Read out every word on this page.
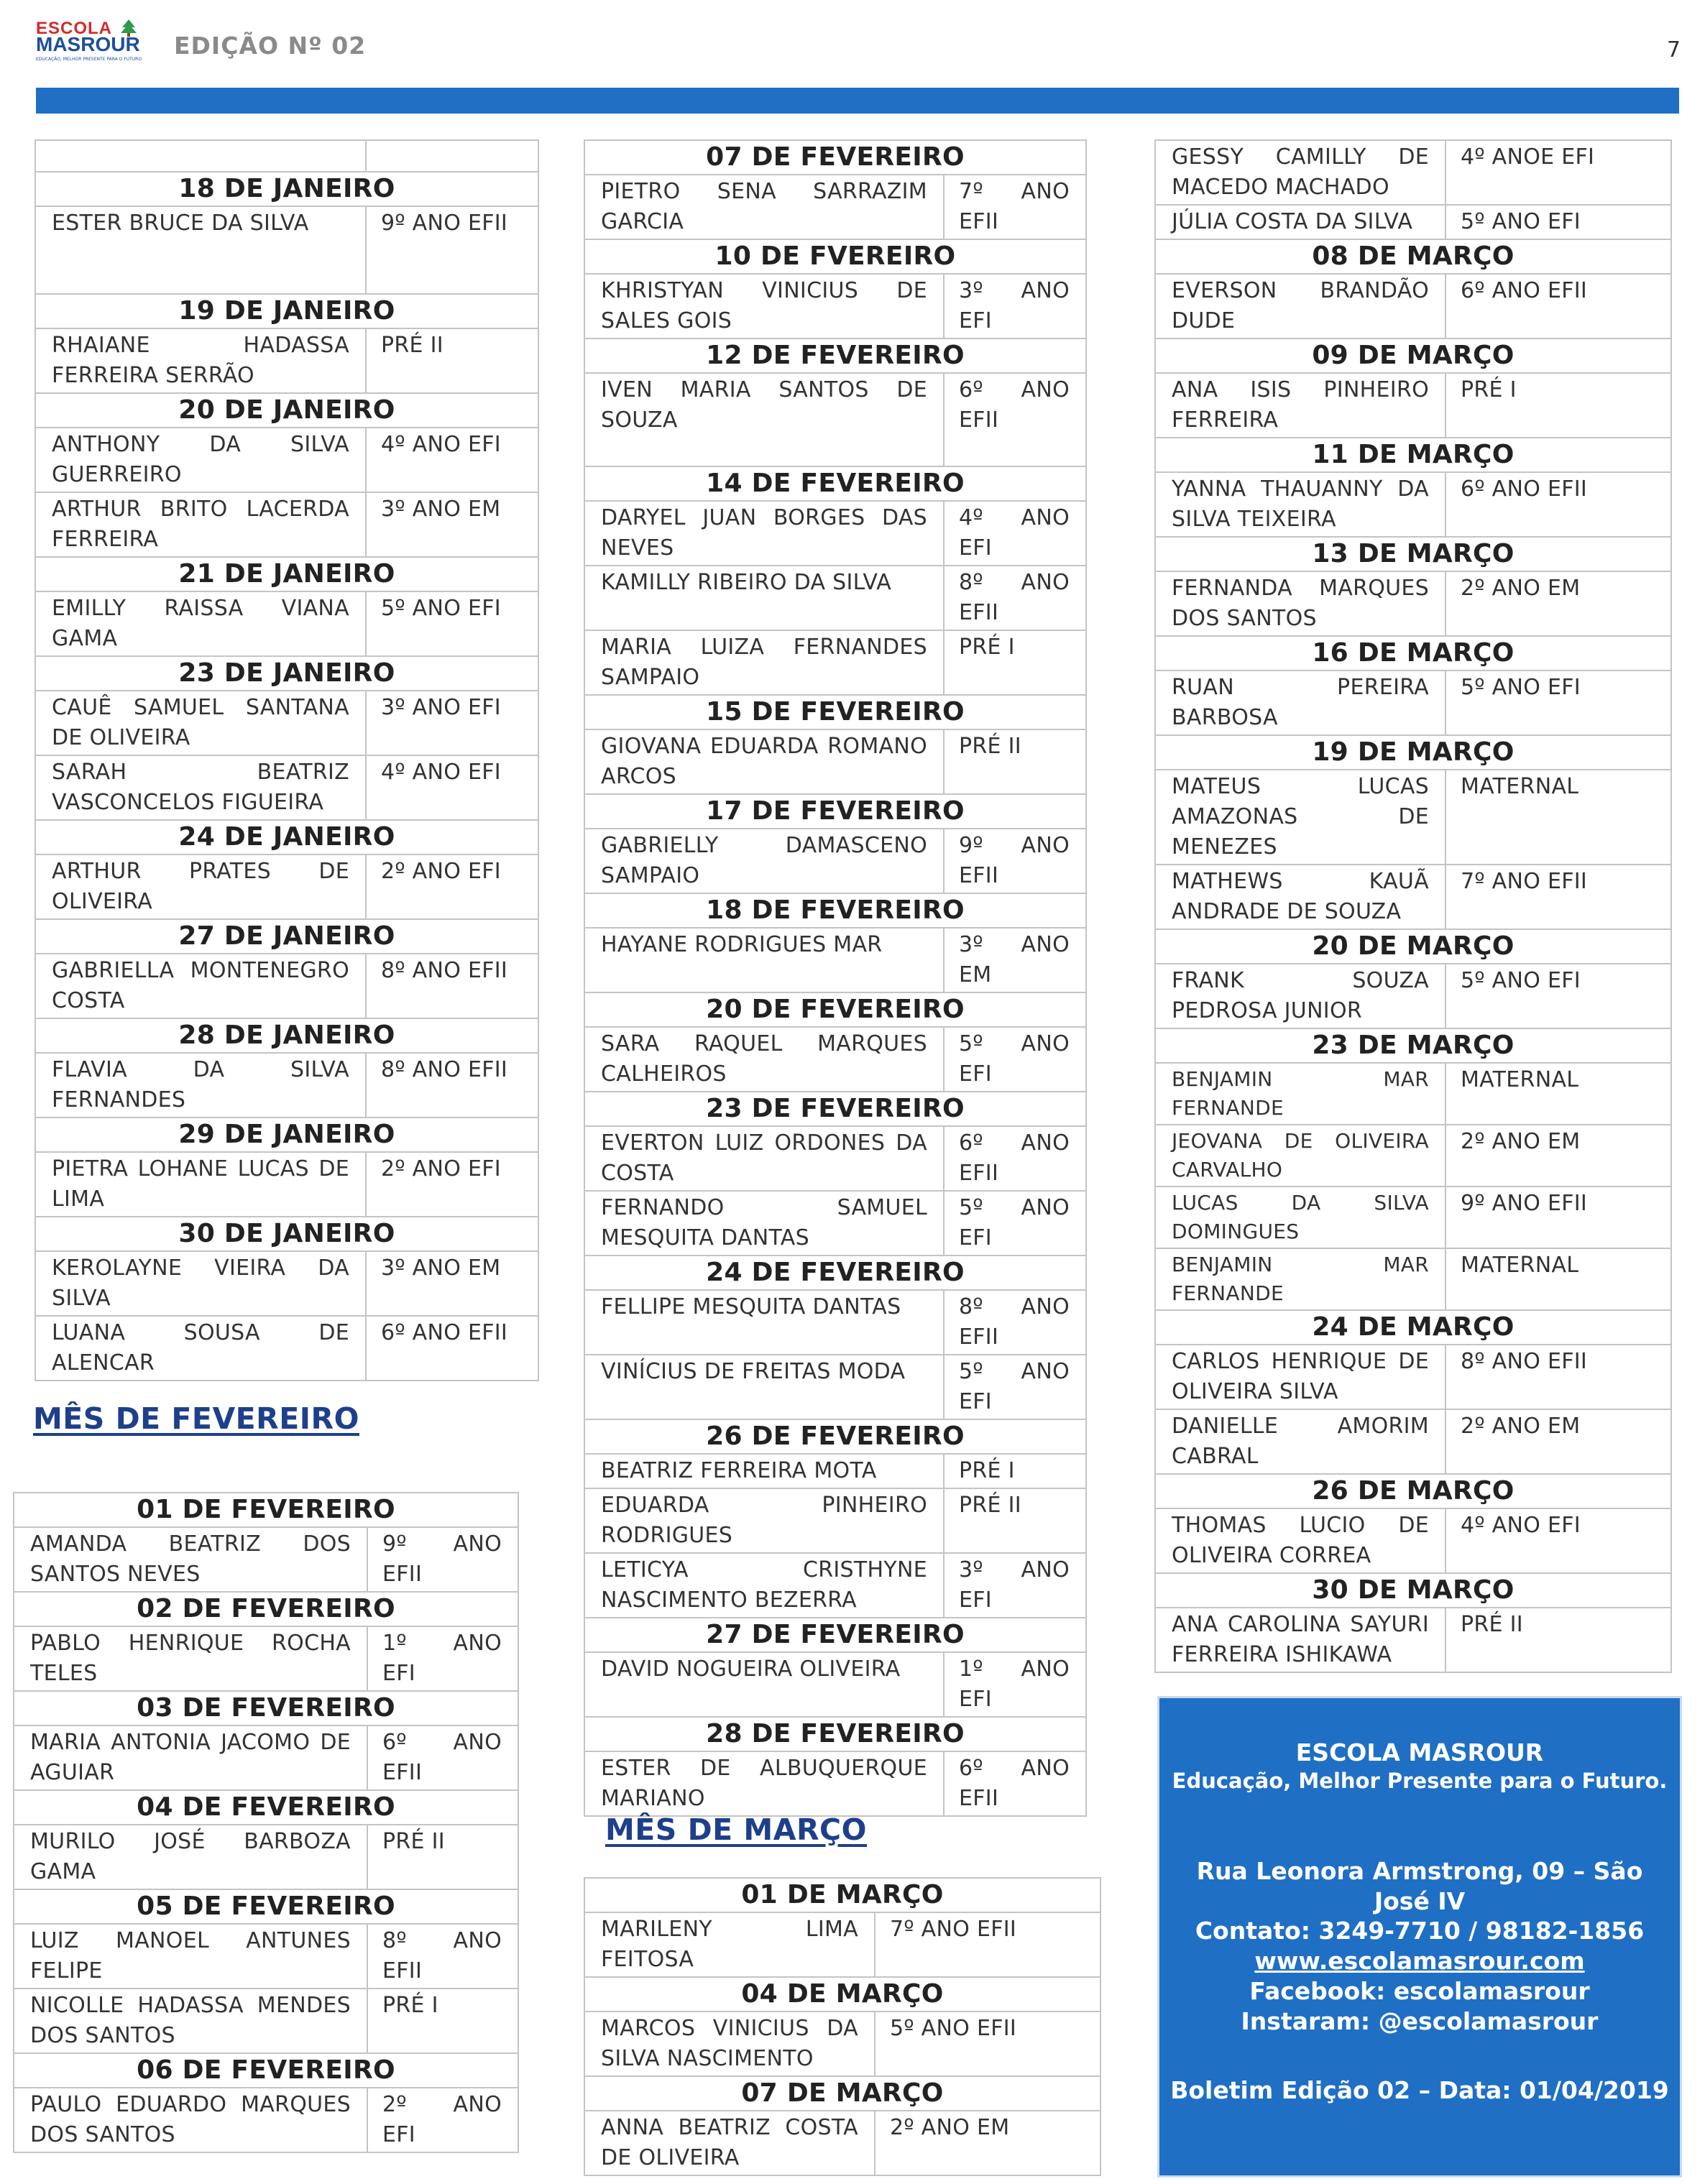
ESCOLA
MASROUR
EDUCAÇÃO, MELHOR PRESENTE PARA O FUTURO EDIÇÃO Nº 02	7

18 DE JANEIRO	
ESTER BRUCE DA SILVA	9º ANO EFII
19 DE JANEIRO	
RHAIANE HADASSA FERREIRA SERRÃO	PRÉ II
20 DE JANEIRO	
ANTHONY DA SILVA GUERREIRO	4º ANO EFI
ARTHUR BRITO LACERDA FERREIRA	3º ANO EM
21 DE JANEIRO	
EMILLY RAISSA VIANA GAMA	5º ANO EFI
23 DE JANEIRO	
CAUÊ SAMUEL SANTANA DE OLIVEIRA	3º ANO EFI
SARAH BEATRIZ VASCONCELOS FIGUEIRA	4º ANO EFI
24 DE JANEIRO	
ARTHUR PRATES DE OLIVEIRA	2º ANO EFI
27 DE JANEIRO	
GABRIELLA MONTENEGRO COSTA	8º ANO EFII
28 DE JANEIRO	
FLAVIA DA SILVA FERNANDES	8º ANO EFII
29 DE JANEIRO	
PIETRA LOHANE LUCAS DE LIMA	2º ANO EFI
30 DE JANEIRO	
KEROLAYNE VIEIRA DA SILVA	3º ANO EM
LUANA SOUSA DE ALENCAR	6º ANO EFII
MÊS DE FEVEREIRO
01 DE FEVEREIRO	
AMANDA BEATRIZ DOS SANTOS NEVES	9º ANO EFII
02 DE FEVEREIRO	
PABLO HENRIQUE ROCHA TELES	1º ANO EFI
03 DE FEVEREIRO	
MARIA ANTONIA JACOMO DE AGUIAR	6º ANO EFII
04 DE FEVEREIRO	
MURILO JOSÉ BARBOZA GAMA	PRÉ II
05 DE FEVEREIRO	
LUIZ MANOEL ANTUNES FELIPE	8º ANO EFII
NICOLLE HADASSA MENDES DOS SANTOS	PRÉ I
06 DE FEVEREIRO	
PAULO EDUARDO MARQUES DOS SANTOS	2º ANO EFI
07 DE FEVEREIRO	
PIETRO SENA SARRAZIM GARCIA	7º ANO EFII
10 DE FVEREIRO	
KHRISTYAN VINICIUS DE SALES GOIS	3º ANO EFI
12 DE FEVEREIRO	
IVEN MARIA SANTOS DE SOUZA	6º ANO EFII
14 DE FEVEREIRO	
DARYEL JUAN BORGES DAS NEVES	4º ANO EFI
KAMILLY RIBEIRO DA SILVA	8º ANO EFII
MARIA LUIZA FERNANDES SAMPAIO	PRÉ I
15 DE FEVEREIRO	
GIOVANA EDUARDA ROMANO ARCOS	PRÉ II
17 DE FEVEREIRO	
GABRIELLY DAMASCENO SAMPAIO	9º ANO EFII
18 DE FEVEREIRO	
HAYANE RODRIGUES MAR	3º ANO EM
20 DE FEVEREIRO	
SARA RAQUEL MARQUES CALHEIROS	5º ANO EFI
23 DE FEVEREIRO	
EVERTON LUIZ ORDONES DA COSTA	6º ANO EFII
FERNANDO SAMUEL MESQUITA DANTAS	5º ANO EFI
24 DE FEVEREIRO	
FELLIPE MESQUITA DANTAS	8º ANO EFII
VINÍCIUS DE FREITAS MODA	5º ANO EFI
26 DE FEVEREIRO	
BEATRIZ FERREIRA MOTA	PRÉ I
EDUARDA PINHEIRO RODRIGUES	PRÉ II
LETICYA CRISTHYNE NASCIMENTO BEZERRA	3º ANO EFI
27 DE FEVEREIRO	
DAVID NOGUEIRA OLIVEIRA	1º ANO EFI
28 DE FEVEREIRO	
ESTER DE ALBUQUERQUE MARIANO	6º ANO EFII
MÊS DE MARÇO
01 DE MARÇO	
MARILENY LIMA FEITOSA	7º ANO EFII
04 DE MARÇO	
MARCOS VINICIUS DA SILVA NASCIMENTO	5º ANO EFII
07 DE MARÇO	
ANNA BEATRIZ COSTA DE OLIVEIRA	2º ANO EM
GESSY CAMILLY DE MACEDO MACHADO	4º ANOE EFI
JÚLIA COSTA DA SILVA	5º ANO EFI
08 DE MARÇO	
EVERSON BRANDÃO DUDE	6º ANO EFII
09 DE MARÇO	
ANA ISIS PINHEIRO FERREIRA	PRÉ I
11 DE MARÇO	
YANNA THAUANNY DA SILVA TEIXEIRA	6º ANO EFII
13 DE MARÇO	
FERNANDA MARQUES DOS SANTOS	2º ANO EM
16 DE MARÇO	
RUAN PEREIRA BARBOSA	5º ANO EFI
19 DE MARÇO	
MATEUS LUCAS AMAZONAS DE MENEZES	MATERNAL
MATHEWS KAUÃ ANDRADE DE SOUZA	7º ANO EFII
20 DE MARÇO	
FRANK SOUZA PEDROSA JUNIOR	5º ANO EFI
23 DE MARÇO	
BENJAMIN MAR FERNANDE	MATERNAL
JEOVANA DE OLIVEIRA CARVALHO	2º ANO EM
LUCAS DA SILVA DOMINGUES	9º ANO EFII
BENJAMIN MAR FERNANDE	MATERNAL
24 DE MARÇO	
CARLOS HENRIQUE DE OLIVEIRA SILVA	8º ANO EFII
DANIELLE AMORIM CABRAL	2º ANO EM
26 DE MARÇO	
THOMAS LUCIO DE OLIVEIRA CORREA	4º ANO EFI
30 DE MARÇO	
ANA CAROLINA SAYURI FERREIRA ISHIKAWA	PRÉ II
ESCOLA MASROUR
Educação, Melhor Presente para o Futuro.
Rua Leonora Armstrong, 09 – São José IV
Contato: 3249-7710 / 98182-1856
www.escolamasrour.com
Facebook: escolamasrour
Instaram: @escolamasrour
Boletim Edição 02 – Data: 01/04/2019
